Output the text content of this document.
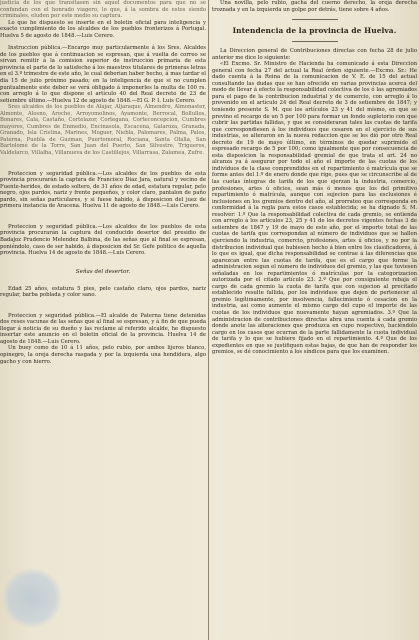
justicia de los que transitasen sin aquel documentos para que no se confundan con el honrado viagero, lo que, á la sombra de estos siendo criminales, eluden por este medio su captura.

Lo que he dispuesto se inserte en el boletin oficial para inteligencia y exacto cumplimiento de los alcaldes de los pueblos fronterizos á Portugal. Huelva 5 de agosto de 1848.—Luis Cerero.

Instruccion pública.—Encargo muy particularmente á los Sres. Alcaldes de los pueblos que á continuacion se espresan, que á vuelta de correo se sirvan remitir á la comision superior de instruccion primaria de esta provincia el parte de lo satisfecho á los maestros titulares de primeras letras en el 3.º trimestre de este año, le cual deberian haber hecho, á mas tardar el dia 15 de julio próximo pasado; en la inteligencia de que si no cumplen puntualmente este deber se verá obligado á imponerles la multa de 100 rs. con arreglo á lo que dispone el artículo 40 del Real decreto de 23 de setiembre último.—Huelva 12 de agosto de 1848.—El G. P. I. Luis Cerero.

Sres alcaldes de los pueblos de Alajar, Aljaraque, Almendro, Almonaster, Almonte, Alosno, Aroche, Arroyomolinos, Ayamonte, Berrocal, Bollullos, Bonares, Cala, Castaño, Cortelazor, Cortegana, Corteconcepcion, Cumbres mayores, Cumbres de Enmedio, Encinasola, Escacena, Galaroza, Granada, Granado, Isla Cristina, Marines, Moguer, Niebla, Palomares, Palma, Palos, Paterna, Puebla de Guzman, Puertomoral, Rociana, Santa Olalla, San Bartolomé de la Torre, San Juan del Puerto, San Silvestre, Trigueros, Valdelarco, Villalba, Villanueva de los Castillejos, Villarrasa, Zalamea, Zufre.

Proteccion y seguridad pública.—Los alcaldes de los pueblos de esta provincia procurarán la captura de Francisco Diaz Jara, natural y vecino de Fuente-heridos, de estado soltero, de 31 años de edad, estatura regular, pelo negro, ojos pardos, nariz y frente pequeños, y color claro, pantalon de paño pardo, sin señas particulares, y si fuese habido, á disposicion del juez de primera instancia de Aracena. Huelva 11 de agosto de 1848.—Luis Cerero.

Proteccion y seguridad pública.—Los alcaldes de los pueblos de esta provincia procurarán la captura del conducido desertor del presidio de Badajoz Prudencio Melendez Balbina, de las señas que al final se espresan, poniéndolo, caso de ser habido, á disposicion del Sr. Gefe político de aquella provincia. Huelva 14 de agosto de 1848.—Luis Cerero.

Señas del desertor.

Edad 25 años, estatura 5 pies, pelo castaño claro, ojos pardos, nariz regular, barba poblada y color sano.

Proteccion y seguridad pública.—El alcalde de Paterna tiene detenidas dos reses vacunas de las señas que al final se espresan, y á fin de que pueda llegar á noticia de su dueño y las reclame al referido alcalde, he dispuesto insertar este anuncio en el boletin oficial de la provincia. Huelva 14 de agosto de 1848.—Luis Cerero.

Un buey como de 10 á 11 años, pelo rubio, por ambos lijeros blanco, opinegro, la oreja derecha rasgada y por la izquierda una hendidura, algo gacho y con hierro.

Una novilla, pelo rubio, gacha del cuerno derecho, la oreja derecha troznada y en la izquierda un golpe por detrás, tiene sobre 4 años.

Intendencia de la provincia de Huelva.

La Direccion general de Contribuciones directas con fecha 28 de julio anterior me dice lo siguiente:

«El Excmo. Sr. Ministro de Hacienda ha comunicado á esta Direccion general con fecha 27 del actual la Real órden siguiente.—Excmo. Sr.: He dado cuenta á la Reina de la comunicacion de V. E. de 15 del actual consultando las dudas que se han ofrecido en varias provincias acerca del modo de llevar á efecto la responsabilidad colectiva de los ó las agremiados para el pago de la contribucion industrial y de comercio, con arreglo á lo prevenido en el artículo 24 del Real decreto de 3 de setiembre de 1847; y teniendo presente S. M. que los artículos 23 y 41 del mismo, en que se previno el recargo de un 5 por 100 para formar un fondo supletorio con que cubrir las partidas fallidas, y que se consideraran tales las cuotas de tarifa que correspondiesen á los individuos que cesaren en el ejercicio de sus industrias, se alteraron en la nueva redaccion que se les dió por otro Real decreto de 19 de mayo último, en términos de quedar suprimido el espresado recargo de 5 por 100; como igualmente que por consecuencia de esta disposicion la responsabilidad gremial de que trata el art. 24 no alcanza ya á asegurar por todo el año el importe de las cuotas de los individuos de la clase comprendidos en el repartimiento ó matrícula que se forme antes del 1.º de enero donde que rige, pues que se circunscribe al de las cuotas íntegras de tarifa de los que ejerzan la industria, comercio, profesiones, artes ú oficios, sean más ó menos que los del primitivo repartimiento ó matrícula, aunque con sujecion para las esclusiones é inclusiones en los gremios dentro del año, al prorrateo que corresponda en conformidad á la regla para estos casos establecida; se ha dignado S. M. resolver: 1.º Que la responsabilidad colectiva de cada gremio, se entienda con arreglo á los artículos 23, 25 y 41 de los decretos vigentes fechas 3 de setiembre de 1847 y 19 de mayo de este año, por el importe total de las cuotas de tarifa que correspondan al número de individuos que se hallen ejerciendo la industria, comercio, profesiones, artes ú oficios, y no por la distribucion individual que hubiesen hecho á bien entre los clasificadores, á lo que es igual, que dicha responsabilidad se contrae á las diferencias que aparezcan entre las cuotas de tarifa, que es el cargo que forme la administracion segun el número de individuos del gremio, y las que tuviesen señaladas en los repartimientos ó matrículas por la categorizacion autorizada por el citado artículo 23. 2.º Que por consiguiente rebaja el cargo de cada gremio la cuota de tarifa que con sujecion al precitado establecido resulte fallida, por los individuos que dejen de pertenecer al gremio legítimamente, por insolvencia, fallecimiento ó cesacion en la industria, asi como aumente el mismo cargo del cupo el importe de las cuotas de los individuos que nuevamente hayan agremiados. 3.º Que la administracion de contribuciones directas abra una cuenta á cada gremio donde anote las alteraciones que produzca en cupo respectivo, haciéndolo cargo en los casos que ocurran de la parte fallidamente la cuota individual de tarifa y lo que se hubiere fijado en el repartimiento. 4.º Que de los expedientes en que se justifiquen estas bajas, de que han de responder los gremios, se dé conocimiento á los síndicos para que los examinen.
